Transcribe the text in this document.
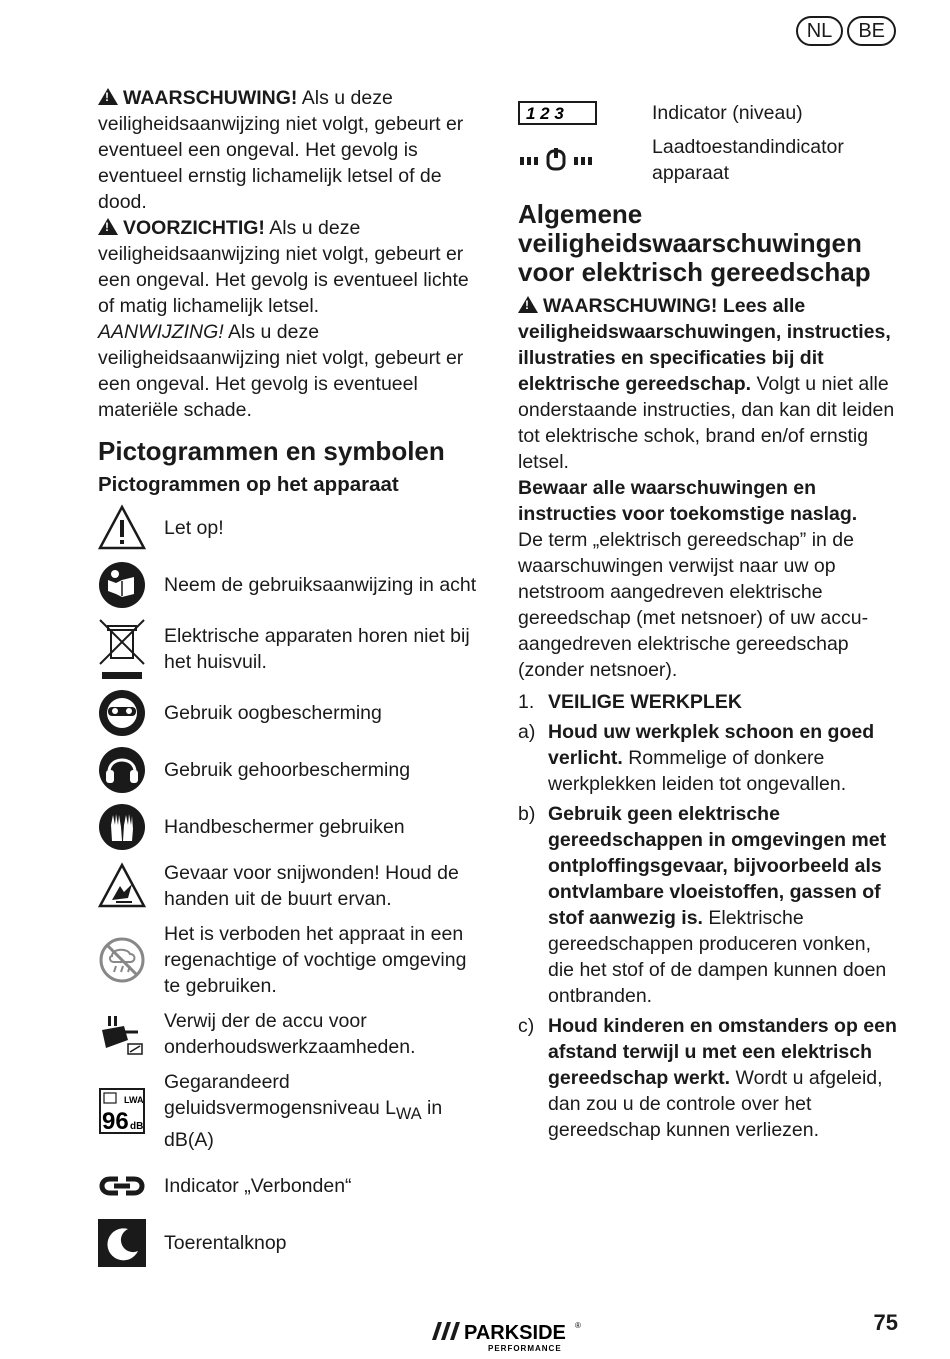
NL	BE

!WAARSCHUWING! Als u deze veiligheidsaanwijzing niet volgt, gebeurt er eventueel een ongeval. Het gevolg is eventueel ernstig lichamelijk letsel of de dood.

!VOORZICHTIG! Als u deze veiligheidsaanwijzing niet volgt, gebeurt er een ongeval. Het gevolg is eventueel lichte of matig lichamelijk letsel.

AANWIJZING! Als u deze veiligheidsaanwijzing niet volgt, gebeurt er een ongeval. Het gevolg is eventueel materiële schade.

Pictogrammen en symbolen
Pictogrammen op het apparaat
Let op!
Neem de gebruiksaanwijzing in acht
Elektrische apparaten horen niet bij het huisvuil.
Gebruik oogbescherming
Gebruik gehoorbescherming
Handbeschermer gebruiken
Gevaar voor snijwonden! Houd de handen uit de buurt ervan.
Het is verboden het appraat in een regenachtige of vochtige omgeving te gebruiken.
Verwij der de accu voor onderhoudswerkzaamheden.
LWA
96 dB
Gegarandeerd geluidsvermogensniveau $L_{WA}$ in dB(A)
Indicator „Verbonden“
Toerentalknop
1 2 3	Indicator (niveau)
Laadtoestandindicator apparaat
Algemene veiligheidswaarschuwingen voor elektrisch gereedschap

!WAARSCHUWING! Lees alle veiligheidswaarschuwingen, instructies, illustraties en specificaties bij dit elektrische gereedschap. Volgt u niet alle onderstaande instructies, dan kan dit leiden tot elektrische schok, brand en/of ernstig letsel.

Bewaar alle waarschuwingen en instructies voor toekomstige naslag.

De term „elektrisch gereedschap” in de waarschuwingen verwijst naar uw op netstroom aangedreven elektrische gereedschap (met netsnoer) of uw accu-aangedreven elektrische gereedschap (zonder netsnoer).

1. VEILIGE WERKPLEK
a) Houd uw werkplek schoon en goed verlicht. Rommelige of donkere werkplekken leiden tot ongevallen.
b) Gebruik geen elektrische gereedschappen in omgevingen met ontploffingsgevaar, bijvoorbeeld als ontvlambare vloeistoffen, gassen of stof aanwezig is. Elektrische gereedschappen produceren vonken, die het stof of de dampen kunnen doen ontbranden.
c) Houd kinderen en omstanders op een afstand terwijl u met een elektrisch gereedschap werkt. Wordt u afgeleid, dan zou u de controle over het gereedschap kunnen verliezen.
PARKSIDE ®
PERFORMANCE
75
